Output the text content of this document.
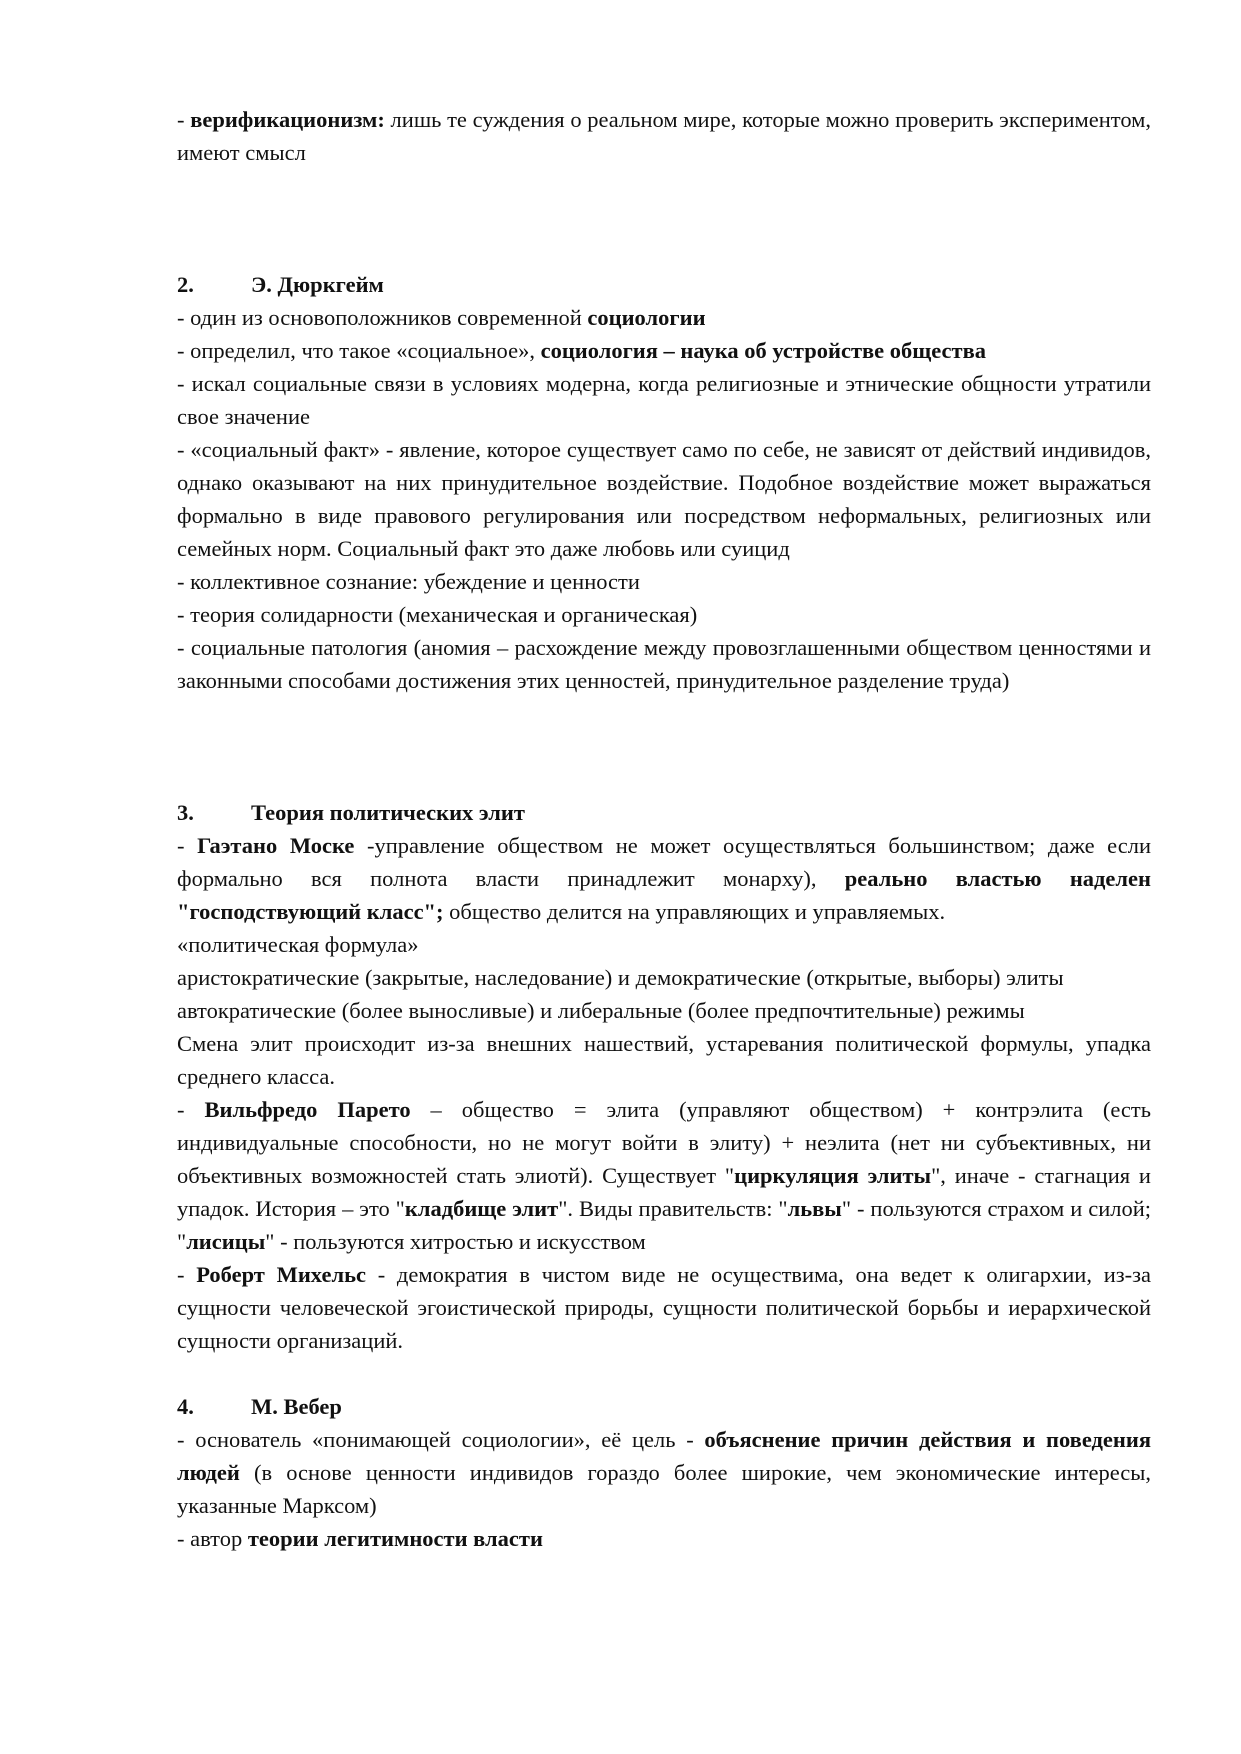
- верификационизм: лишь те суждения о реальном мире, которые можно проверить экспериментом, имеют смысл

2.	Э. Дюркгейм

- один из основоположников современной социологии

- определил, что такое «социальное», социология – наука об устройстве общества

- искал социальные связи в условиях модерна, когда религиозные и этнические общности утратили свое значение

- «социальный факт» - явление, которое существует само по себе, не зависят от действий индивидов, однако оказывают на них принудительное воздействие. Подобное воздействие может выражаться формально в виде правового регулирования или посредством неформальных, религиозных или семейных норм. Социальный факт это даже любовь или суицид

- коллективное сознание: убеждение и ценности

- теория солидарности (механическая и органическая)

- социальные патология (аномия – расхождение между провозглашенными обществом ценностями и законными способами достижения этих ценностей, принудительное разделение труда)

3.	Теория политических элит

- Гаэтано Моске -управление обществом не может осуществляться большинством; даже если формально вся полнота власти принадлежит монарху), реально властью наделен "господствующий класс"; общество делится на управляющих и управляемых.

«политическая формула»

аристократические (закрытые, наследование) и демократические (открытые, выборы) элиты

автократические (более выносливые) и либеральные (более предпочтительные) режимы

Смена элит происходит из-за внешних нашествий, устаревания политической формулы, упадка среднего класса.

- Вильфредо Парето – общество = элита (управляют обществом) + контрэлита (есть индивидуальные способности, но не могут войти в элиту) + неэлита (нет ни субъективных, ни объективных возможностей стать элиотй). Существует "циркуляция элиты", иначе - стагнация и упадок. История – это "кладбище элит". Виды правительств: "львы" - пользуются страхом и силой; "лисицы" - пользуются хитростью и искусством

- Роберт Михельс - демократия в чистом виде не осуществима, она ведет к олигархии, из-за сущности человеческой эгоистической природы, сущности политической борьбы и иерархической сущности организаций.

4.	М. Вебер

- основатель «понимающей социологии», её цель - объяснение причин действия и поведения людей (в основе ценности индивидов гораздо более широкие, чем экономические интересы, указанные Марксом)

- автор теории легитимности власти
